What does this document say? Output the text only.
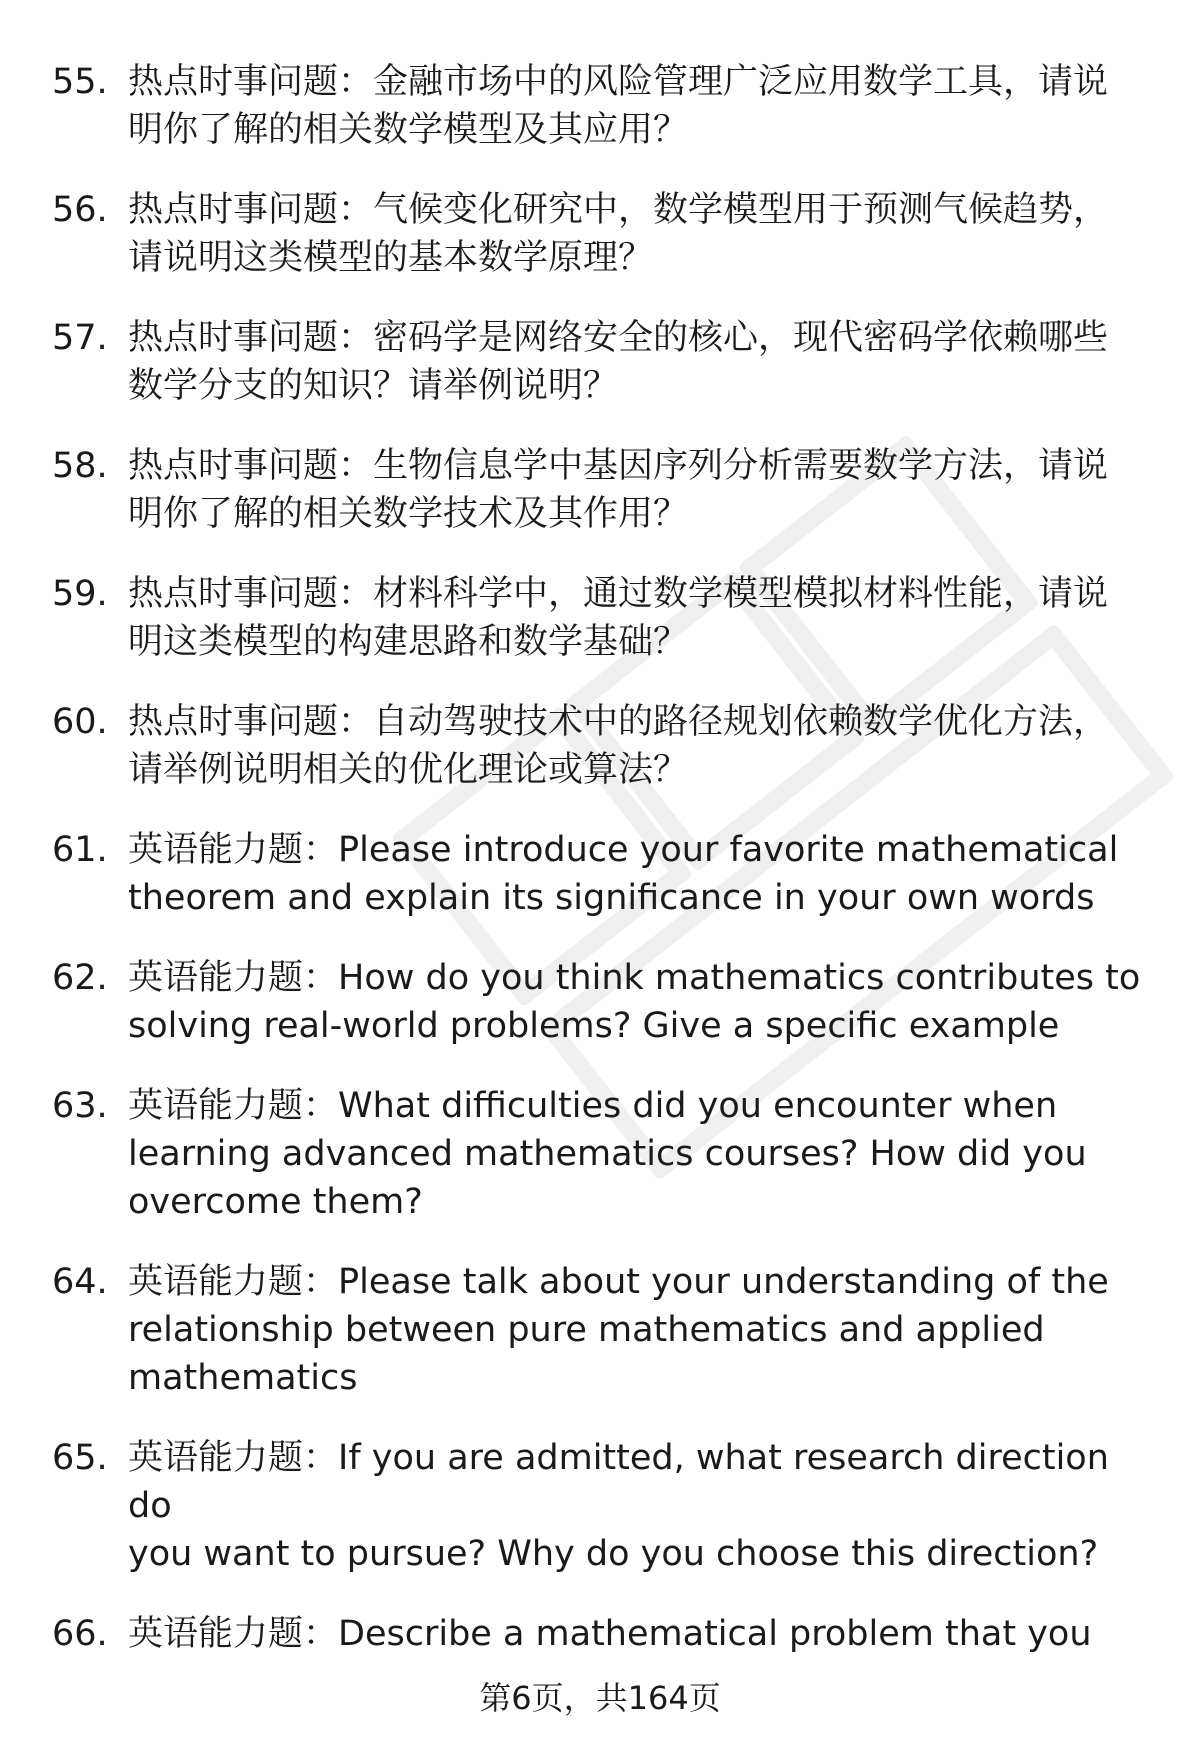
55. 热点时事问题：金融市场中的风险管理广泛应用数学工具，请说
明你了解的相关数学模型及其应用？
56. 热点时事问题：气候变化研究中，数学模型用于预测气候趋势，
请说明这类模型的基本数学原理？
57. 热点时事问题：密码学是网络安全的核心，现代密码学依赖哪些
数学分支的知识？请举例说明？
58. 热点时事问题：生物信息学中基因序列分析需要数学方法，请说
明你了解的相关数学技术及其作用？
59. 热点时事问题：材料科学中，通过数学模型模拟材料性能，请说
明这类模型的构建思路和数学基础？
60. 热点时事问题：自动驾驶技术中的路径规划依赖数学优化方法，
请举例说明相关的优化理论或算法？
61. 英语能力题：Please introduce your favorite mathematical
theorem and explain its significance in your own words
62. 英语能力题：How do you think mathematics contributes to
solving real-world problems? Give a specific example
63. 英语能力题：What difficulties did you encounter when
learning advanced mathematics courses? How did you
overcome them?
64. 英语能力题：Please talk about your understanding of the
relationship between pure mathematics and applied
mathematics
65. 英语能力题：If you are admitted, what research direction do
you want to pursue? Why do you choose this direction?
66. 英语能力题：Describe a mathematical problem that you
第6页，共164页
